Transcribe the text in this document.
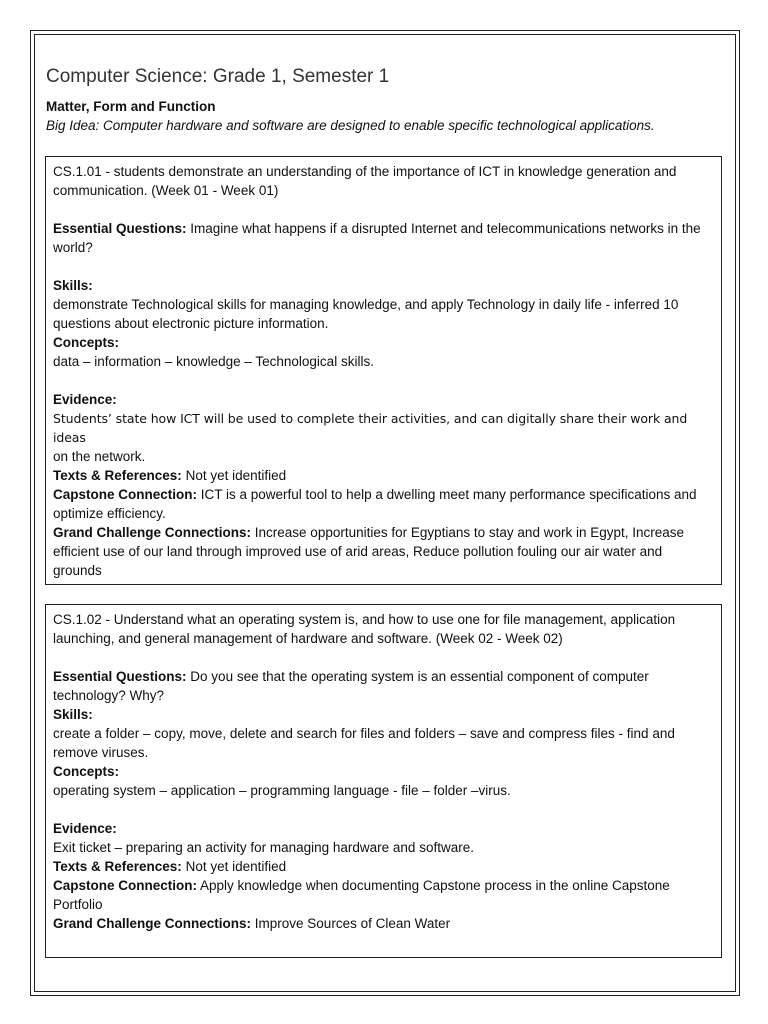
Computer Science: Grade 1, Semester 1
Matter, Form and Function
Big Idea: Computer hardware and software are designed to enable specific technological applications.

CS.1.01 - students demonstrate an understanding of the importance of ICT in knowledge generation and communication. (Week 01 - Week 01)

Essential Questions: Imagine what happens if a disrupted Internet and telecommunications networks in the world?

Skills:

demonstrate Technological skills for managing knowledge, and apply Technology in daily life - inferred 10 questions about electronic picture information.

Concepts:

data – information – knowledge – Technological skills.

Evidence:

Students’ state how ICT will be used to complete their activities, and can digitally share their work and ideas

on the network.

Texts & References: Not yet identified

Capstone Connection: ICT is a powerful tool to help a dwelling meet many performance specifications and optimize efficiency.

Grand Challenge Connections: Increase opportunities for Egyptians to stay and work in Egypt, Increase efficient use of our land through improved use of arid areas, Reduce pollution fouling our air water and grounds

CS.1.02 - Understand what an operating system is, and how to use one for file management, application launching, and general management of hardware and software. (Week 02 - Week 02)

Essential Questions: Do you see that the operating system is an essential component of computer technology? Why?

Skills:

create a folder – copy, move, delete and search for files and folders – save and compress files - find and remove viruses.

Concepts:

operating system – application – programming language - file – folder –virus.

Evidence:

Exit ticket – preparing an activity for managing hardware and software.

Texts & References: Not yet identified

Capstone Connection: Apply knowledge when documenting Capstone process in the online Capstone Portfolio

Grand Challenge Connections: Improve Sources of Clean Water
